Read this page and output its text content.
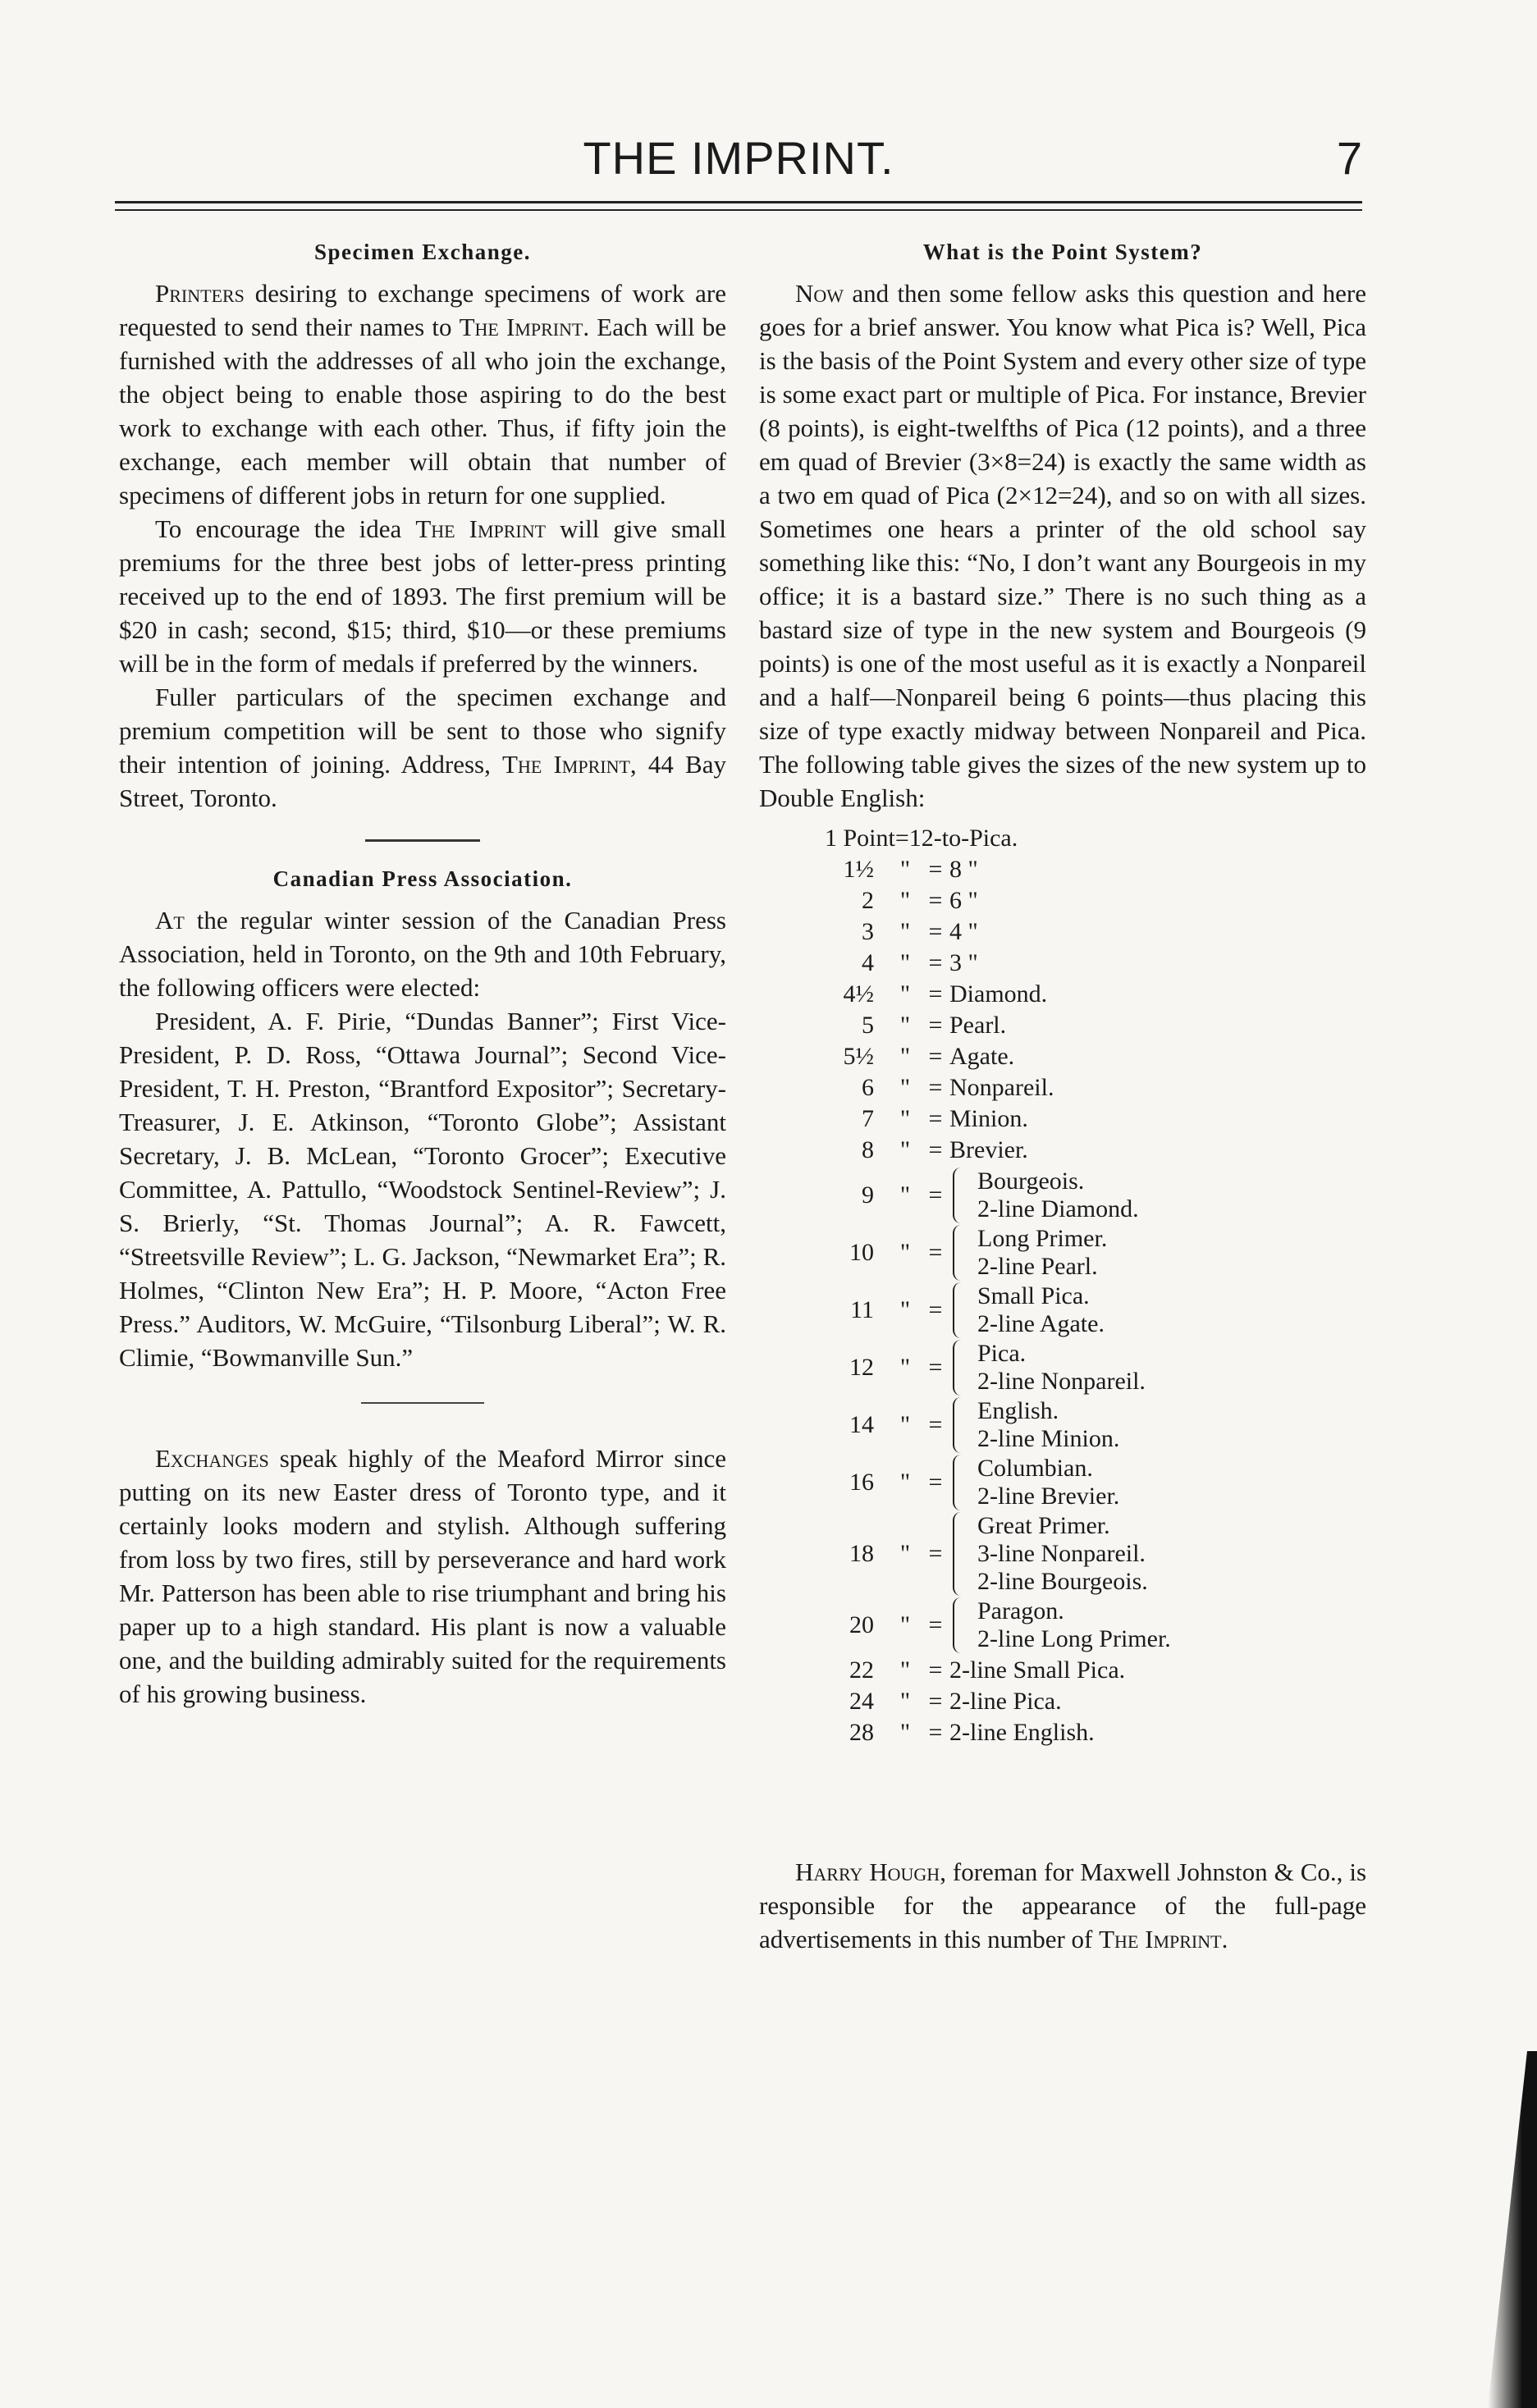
THE IMPRINT.	7
Specimen Exchange.

Printers desiring to exchange specimens of work are requested to send their names to The Imprint. Each will be furnished with the addresses of all who join the exchange, the object being to enable those aspiring to do the best work to exchange with each other. Thus, if fifty join the exchange, each member will obtain that number of specimens of different jobs in return for one supplied.

To encourage the idea The Imprint will give small premiums for the three best jobs of letter-press printing received up to the end of 1893. The first premium will be $20 in cash; second, $15; third, $10—or these premiums will be in the form of medals if preferred by the winners.

Fuller particulars of the specimen exchange and premium competition will be sent to those who signify their intention of joining. Address, The Imprint, 44 Bay Street, Toronto.

Canadian Press Association.

At the regular winter session of the Canadian Press Association, held in Toronto, on the 9th and 10th February, the following officers were elected:

President, A. F. Pirie, “Dundas Banner”; First Vice-President, P. D. Ross, “Ottawa Journal”; Second Vice-President, T. H. Preston, “Brantford Expositor”; Secretary-Treasurer, J. E. Atkinson, “Toronto Globe”; Assistant Secretary, J. B. McLean, “Toronto Grocer”; Executive Committee, A. Pattullo, “Woodstock Sentinel-Review”; J. S. Brierly, “St. Thomas Journal”; A. R. Fawcett, “Streetsville Review”; L. G. Jackson, “Newmarket Era”; R. Holmes, “Clinton New Era”; H. P. Moore, “Acton Free Press.” Auditors, W. McGuire, “Tilsonburg Liberal”; W. R. Climie, “Bowmanville Sun.”

Exchanges speak highly of the Meaford Mirror since putting on its new Easter dress of Toronto type, and it certainly looks modern and stylish. Although suffering from loss by two fires, still by perseverance and hard work Mr. Patterson has been able to rise triumphant and bring his paper up to a high standard. His plant is now a valuable one, and the building admirably suited for the requirements of his growing business.

What is the Point System?

Now and then some fellow asks this question and here goes for a brief answer. You know what Pica is? Well, Pica is the basis of the Point System and every other size of type is some exact part or multiple of Pica. For instance, Brevier (8 points), is eight-twelfths of Pica (12 points), and a three em quad of Brevier (3×8=24) is exactly the same width as a two em quad of Pica (2×12=24), and so on with all sizes. Sometimes one hears a printer of the old school say something like this: “No, I don’t want any Bourgeois in my office; it is a bastard size.” There is no such thing as a bastard size of type in the new system and Bourgeois (9 points) is one of the most useful as it is exactly a Nonpareil and a half—Nonpareil being 6 points—thus placing this size of type exactly midway between Nonpareil and Pica. The following table gives the sizes of the new system up to Double English:

1 Point=12-to-Pica.
1½	" = 8 "
2	" = 6 "
3	" = 4 "
4	" = 3 "
4½	" = Diamond.
5	" = Pearl.
5½	" = Agate.
6	" = Nonpareil.
7	" = Minion.
8	" = Brevier.
9	" =
Bourgeois.
2-line Diamond.
10	" =
Long Primer.
2-line Pearl.
11	" =
Small Pica.
2-line Agate.
12	" =
Pica.
2-line Nonpareil.
14	" =
English.
2-line Minion.
16	" =
Columbian.
2-line Brevier.
18	" =
Great Primer.
3-line Nonpareil.
2-line Bourgeois.
20	" =
Paragon.
2-line Long Primer.
22	" = 2-line Small Pica.
24	" = 2-line Pica.
28	" = 2-line English.

Harry Hough, foreman for Maxwell Johnston & Co., is responsible for the appearance of the full-page advertisements in this number of The Imprint.
